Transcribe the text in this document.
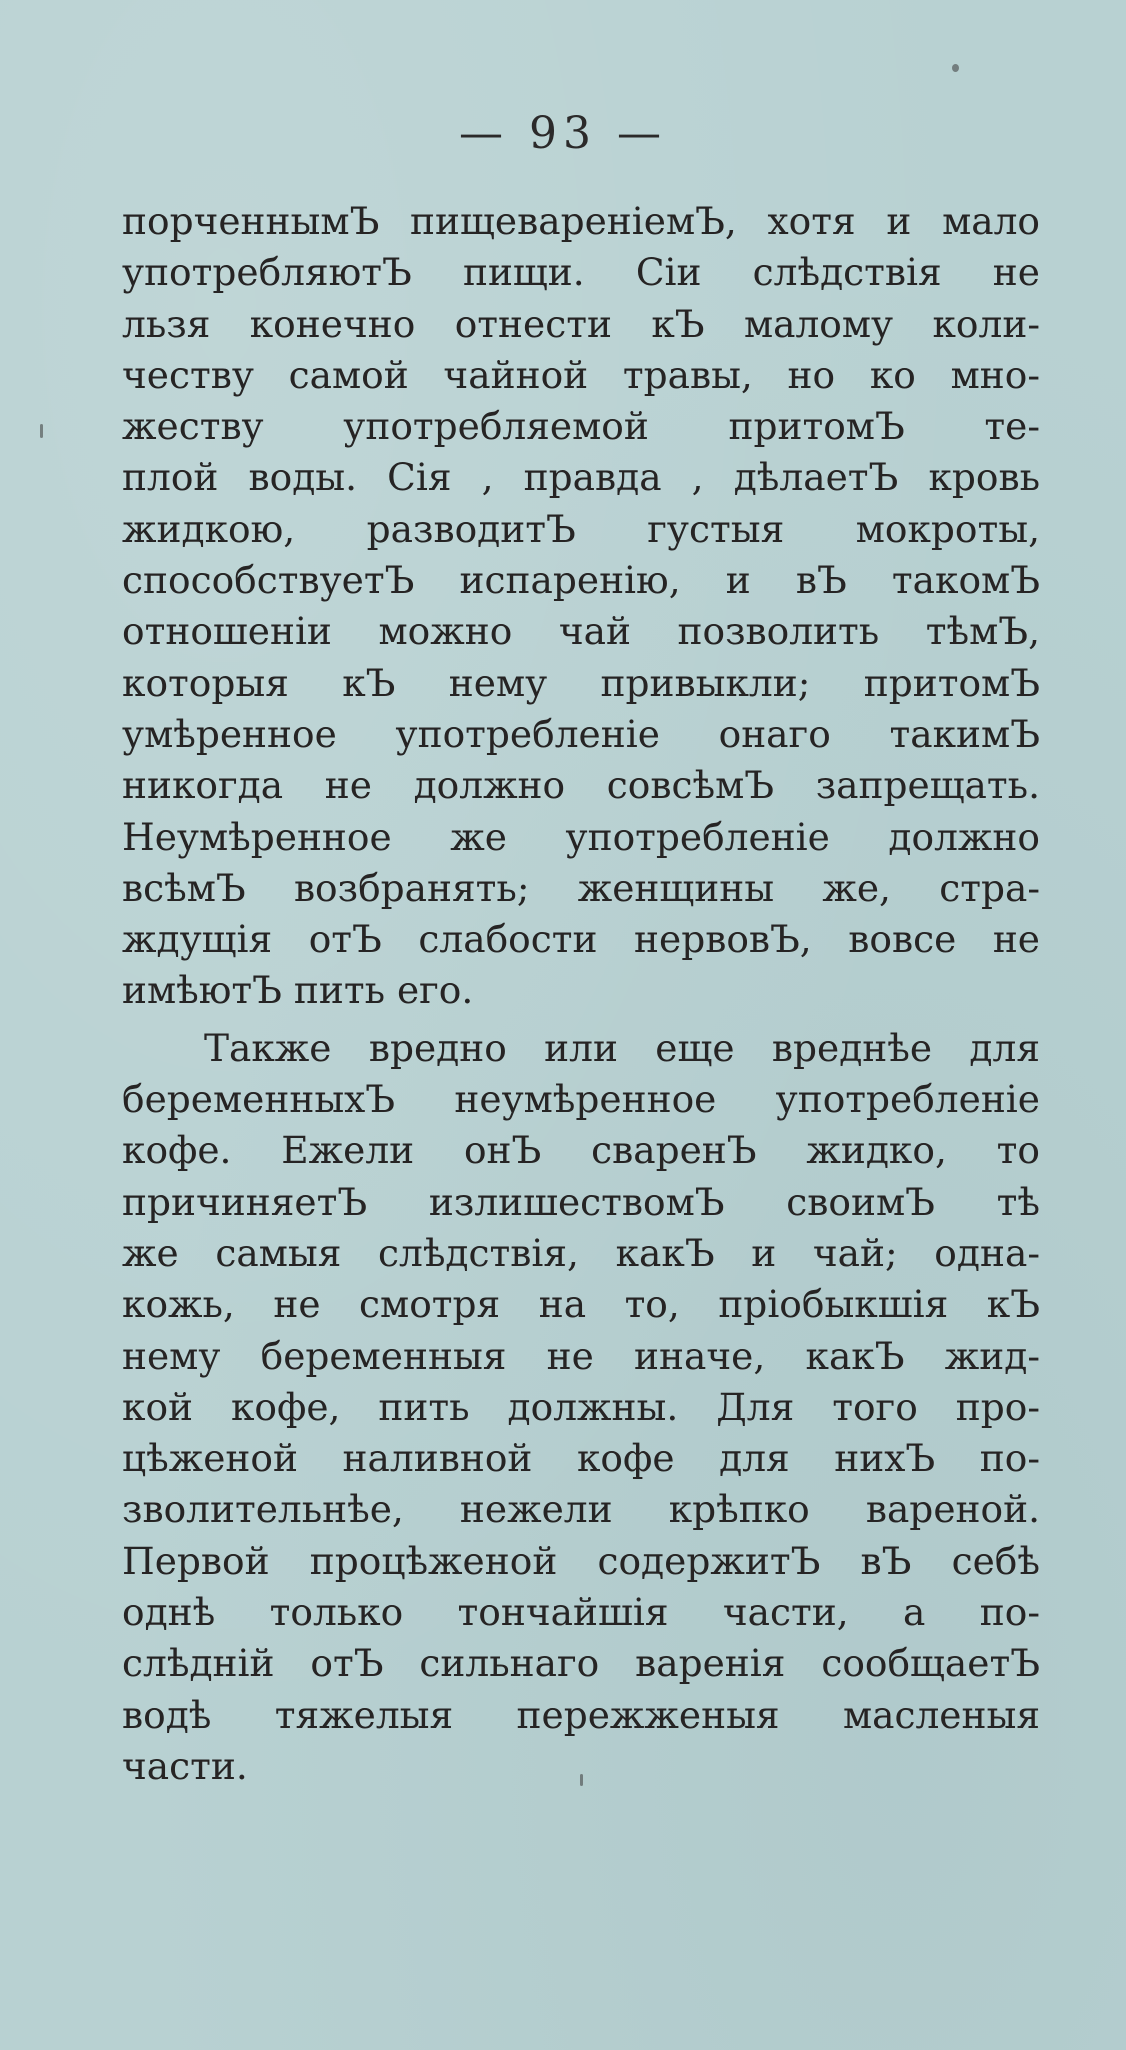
— 93 —
порченнымЪ пищевареніемЪ, хотя и мало
употребляютЪ пищи. Сіи слѣдствія не
льзя конечно отнести кЪ малому коли-
честву самой чайной травы, но ко мно-
жеству употребляемой притомЪ те-
плой воды. Сія , правда , дѣлаетЪ кровь
жидкою, разводитЪ густыя мокроты,
способствуетЪ испаренію, и вЪ такомЪ
отношеніи можно чай позволить тѣмЪ,
которыя кЪ нему привыкли; притомЪ
умѣренное употребленіе онаго такимЪ
никогда не должно совсѣмЪ запрещать.
Неумѣренное же употребленіе должно
всѣмЪ возбранять; женщины же, стра-
ждущія отЪ слабости нервовЪ, вовсе не
имѣютЪ пить его.
Также вредно или еще вреднѣе для
беременныхЪ неумѣренное употребленіе
кофе. Ежели онЪ сваренЪ жидко, то
причиняетЪ излишествомЪ своимЪ тѣ
же самыя слѣдствія, какЪ и чай; одна-
кожь, не смотря на то, пріобыкшія кЪ
нему беременныя не иначе, какЪ жид-
кой кофе, пить должны. Для того про-
цѣженой наливной кофе для нихЪ по-
зволительнѣе, нежели крѣпко вареной.
Первой процѣженой содержитЪ вЪ себѣ
однѣ только тончайшія части, а по-
слѣдній отЪ сильнаго варенія сообщаетЪ
водѣ тяжелыя пережженыя масленыя
части.
